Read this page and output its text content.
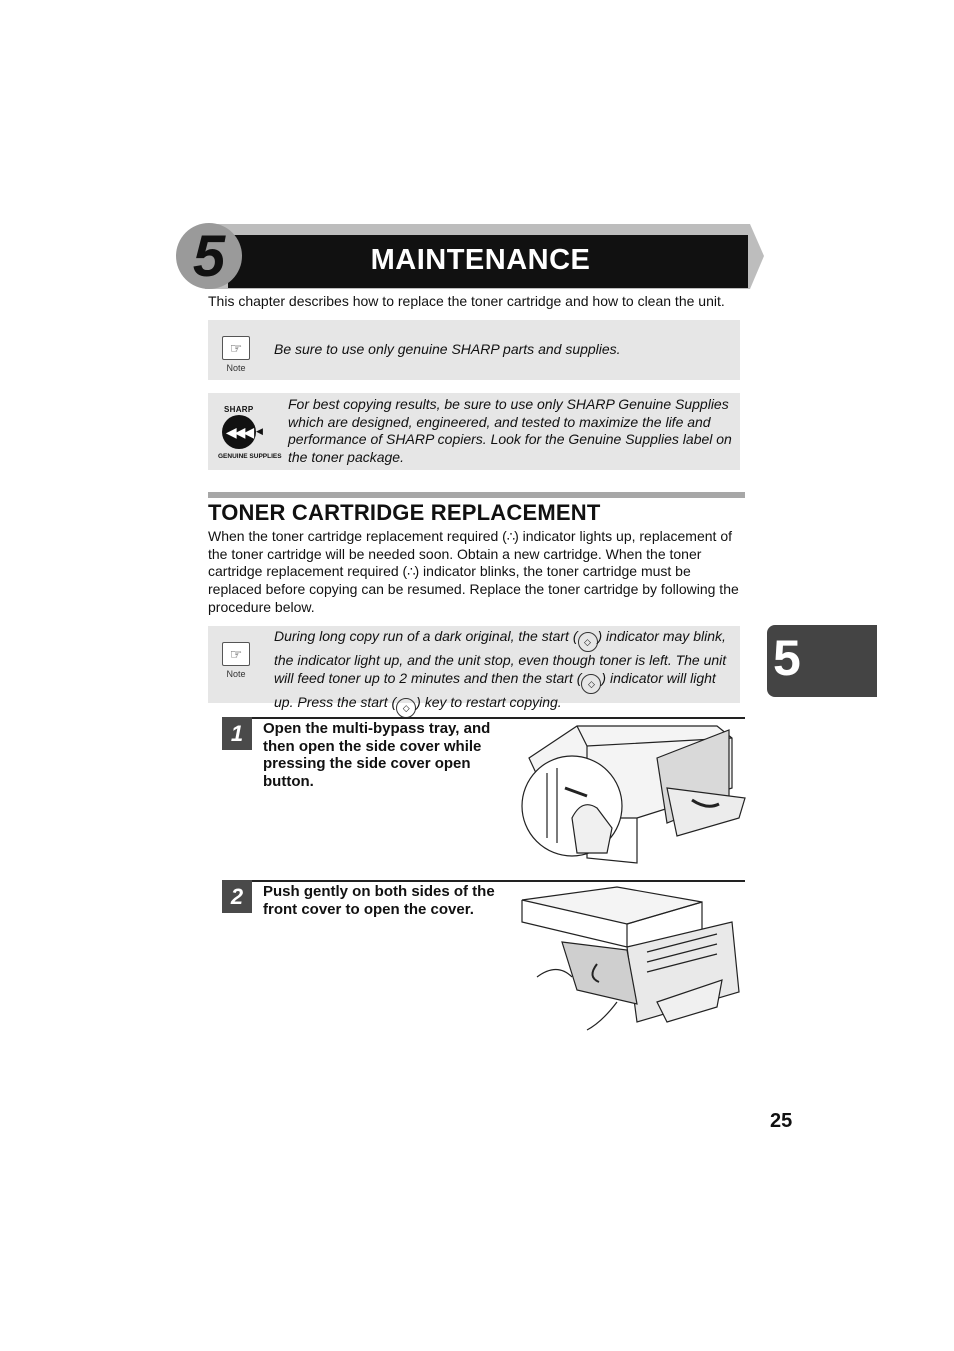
5	MAINTENANCE
This chapter describes how to replace the toner cartridge and how to clean the unit.
☞
Note
Be sure to use only genuine SHARP parts and supplies.
SHARP
◀◀◀ ◀
GENUINE SUPPLIES
For best copying results, be sure to use only SHARP Genuine Supplies which are designed, engineered, and tested to maximize the life and performance of SHARP copiers. Look for the Genuine Supplies label on the toner package.
TONER CARTRIDGE REPLACEMENT
When the toner cartridge replacement required (∴) indicator lights up, replacement of the toner cartridge will be needed soon. Obtain a new cartridge. When the toner cartridge replacement required (∴) indicator blinks, the toner cartridge must be replaced before copying can be resumed. Replace the toner cartridge by following the procedure below.
☞
Note
During long copy run of a dark original, the start ( ◇ ) indicator may blink, the indicator light up, and the unit stop, even though toner is left. The unit will feed toner up to 2 minutes and then the start ( ◇ ) indicator will light up. Press the start ( ◇ ) key to restart copying.
5
1	Open the multi-bypass tray, and then open the side cover while pressing the side cover open button.
2	Push gently on both sides of the front cover to open the cover.
25
